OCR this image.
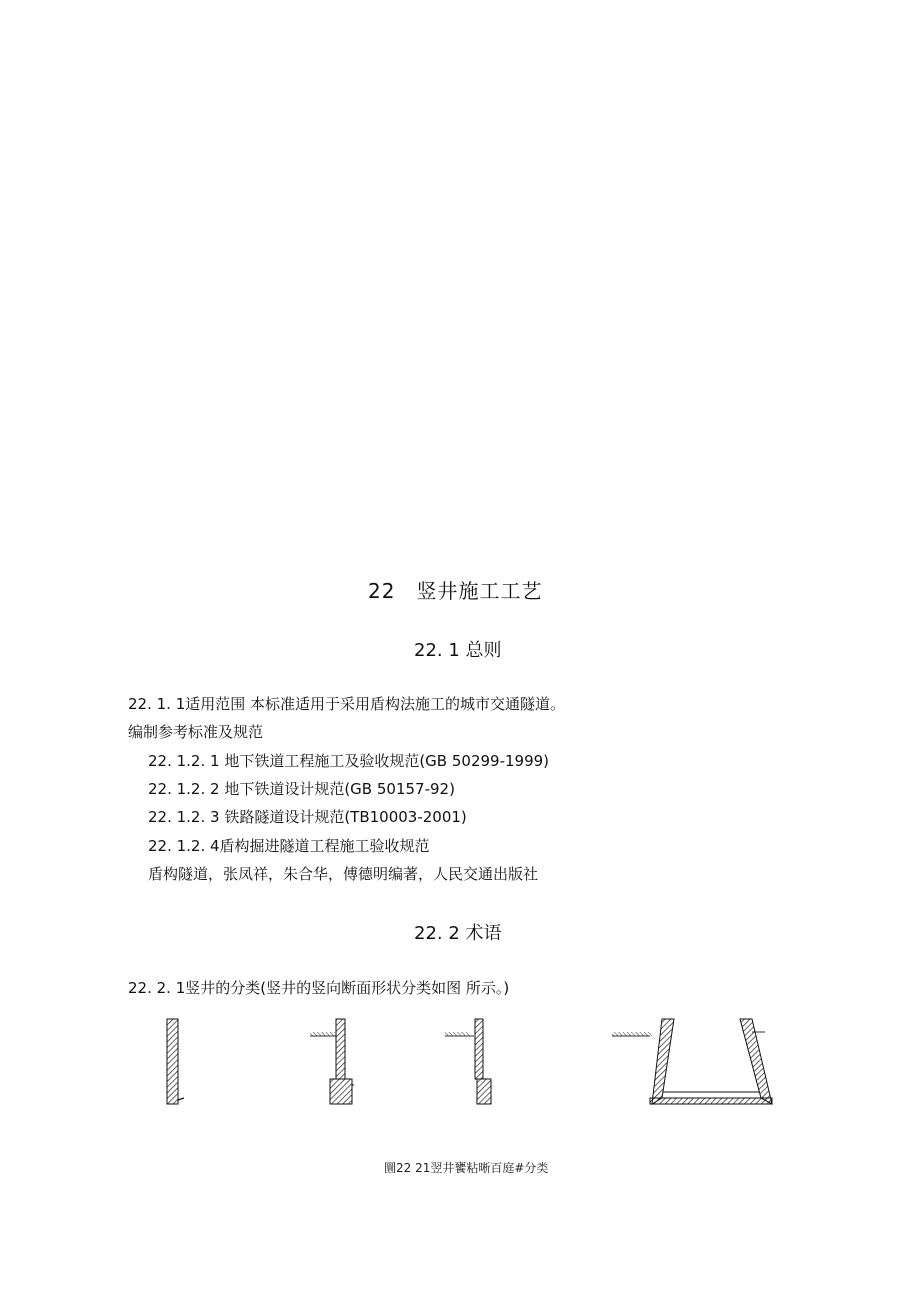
22　竖井施工工艺
22. 1 总则
22. 1. 1适用范围 本标准适用于采用盾构法施工的城市交通隧道。
编制参考标准及规范
22. 1.2. 1 地下铁道工程施工及验收规范(GB 50299-1999)
22. 1.2. 2 地下铁道设计规范(GB 50157-92)
22. 1.2. 3 铁路隧道设计规范(TB10003-2001)
22. 1.2. 4盾构掘进隧道工程施工验收规范
盾构隧道，张凤祥，朱合华，傅德明编著，人民交通出版社
22. 2 术语
22. 2. 1竖井的分类(竖井的竖向断面形状分类如图 所示。)
圜22 21翌井饔粘晰百庭#分类
